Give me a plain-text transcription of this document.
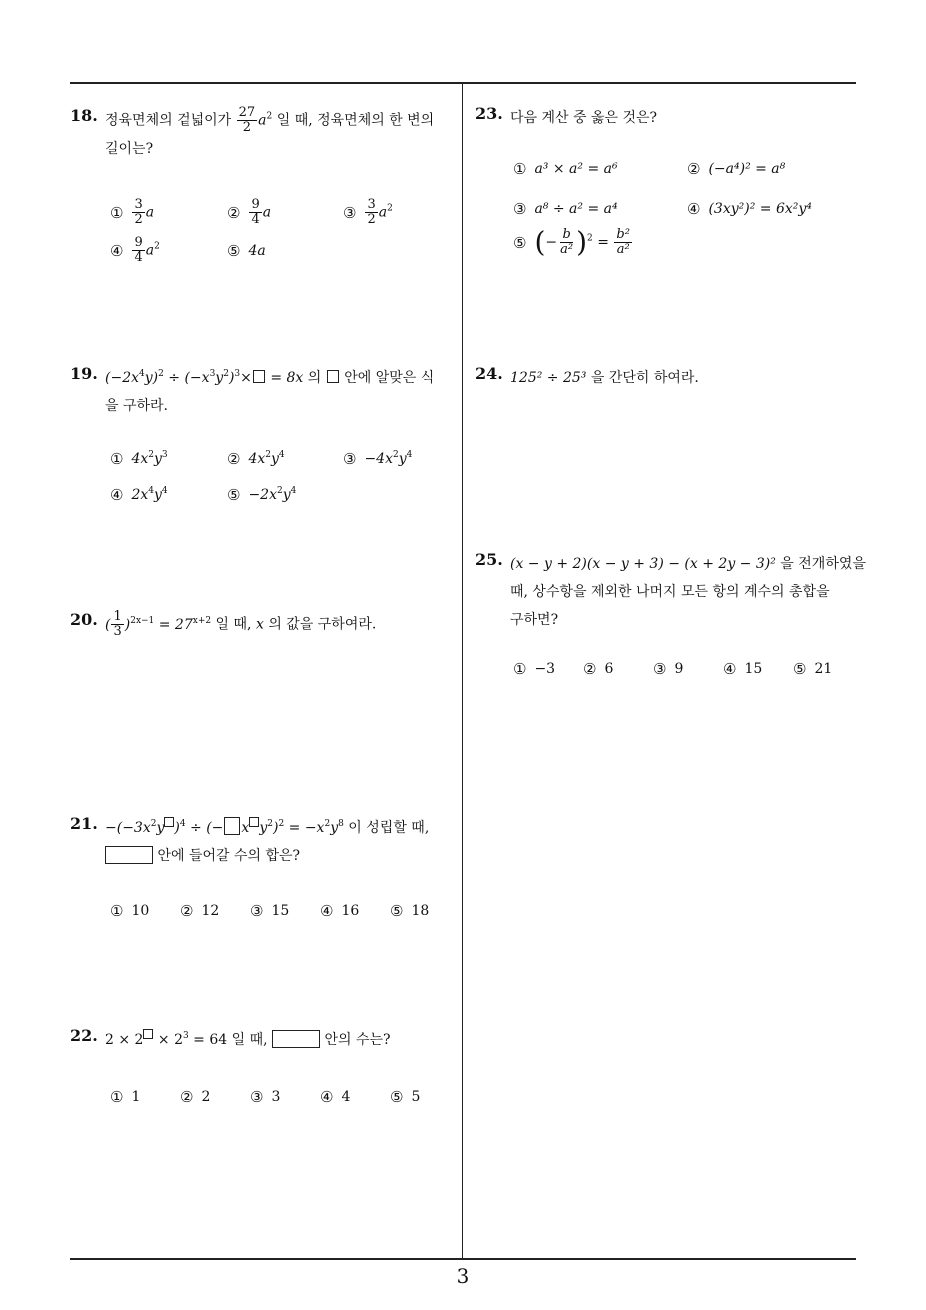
3
18. 정육면체의 겉넓이가 $\frac{27}{2} a^2$ 일 때, 정육면체의 한 변의
길이는?
① $\frac{3}{2}$ a	② $\frac{9}{4}$ a	③ $\frac{3}{2} a^2$
④ $\frac{9}{4} a^2$	⑤ 4a
19. $(-2x^4y)^2 \div (-x^3y^2)^3\times = 8x$ 의 안에 알맞은 식
을 구하라.
① $4x^2y^3$	② $4x^2y^4$	③ $-4x^2y^4$
④ $2x^4y^4$	⑤ $-2x^2y^4$
20. ( $\frac{1}{3} )^{2x-1} = 27^{x+2}$ 일 때, x 의 값을 구하여라.
21. $-(-3x^2y$ )$^4$ ÷ (− x $y^2)^2 = -x^2y^8$ 이 성립할 때,
안에 들어갈 수의 합은?
① 10 ② 12 ③ 15 ④ 16 ⑤ 18
22. $2 \times 2 \times 2^3 = 64$ 일 때,	안의 수는?
① 1	② 2	③ 3	④ 4	⑤ 5
23. 다음 계산 중 옳은 것은?
① a³ × a² = a⁶	② (−a⁴)² = a⁸
③ a⁸ ÷ a² = a⁴	④ (3xy²)² = 6x²y⁴
⑤ (− $\frac{b}{\text{a²}} )^2 = \frac{\text{b²}}{\text{a²}}$
24. 125² ÷ 25³ 을 간단히 하여라.
25. (x − y + 2)(x − y + 3) − (x + 2y − 3)² 을 전개하였을
때, 상수항을 제외한 나머지 모든 항의 계수의 총합을
구하면?
① −3 ② 6	③ 9	④ 15 ⑤ 21
